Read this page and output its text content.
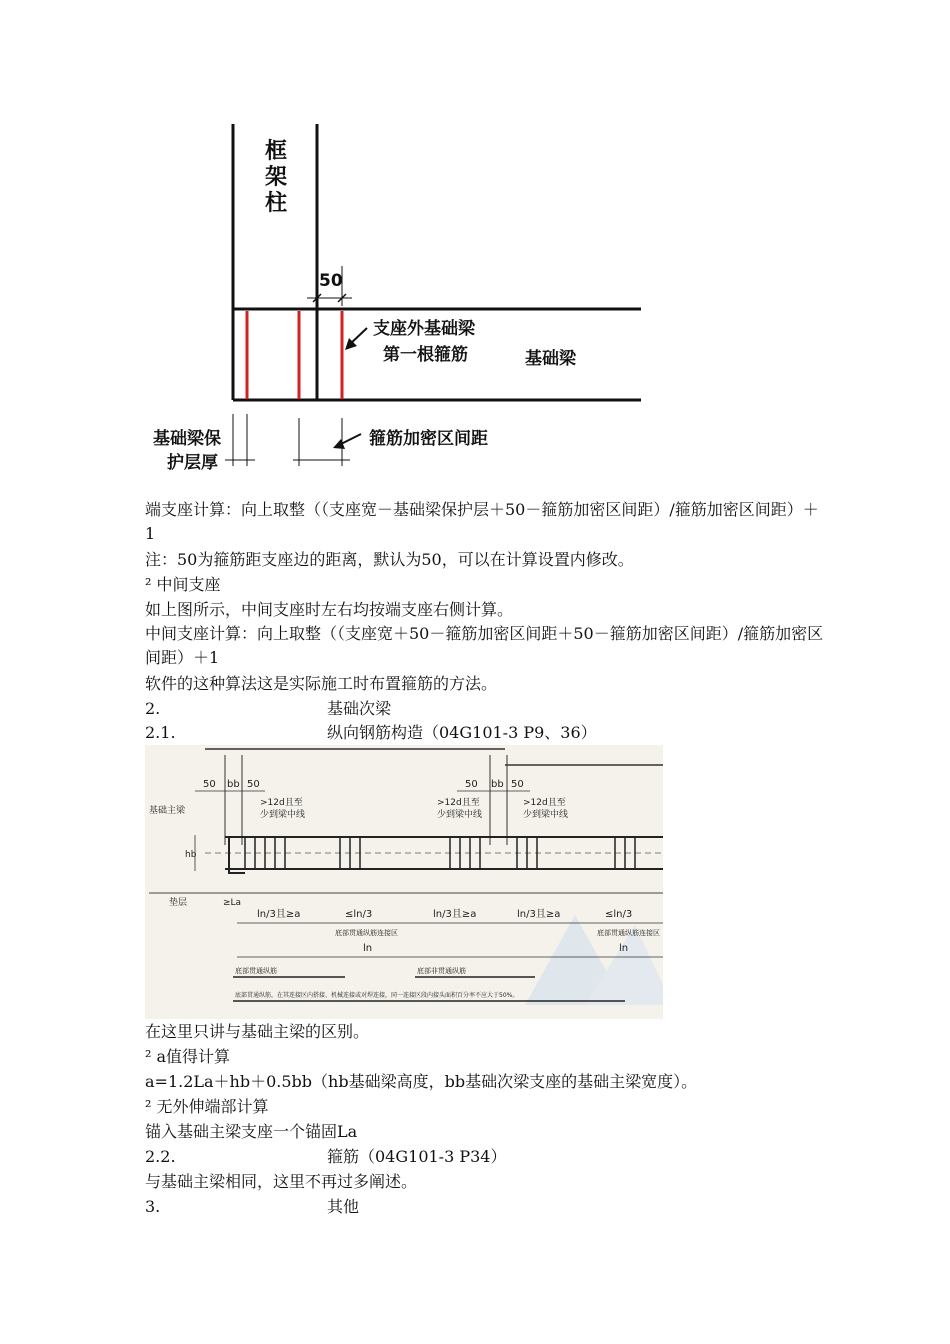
框
架
柱
50
支座外基础梁
第一根箍筋	基础梁
基础梁保
护层厚
箍筋加密区间距
端支座计算：向上取整（（支座宽－基础梁保护层＋50－箍筋加密区间距）/箍筋加密区间距）＋1
注：50为箍筋距支座边的距离，默认为50，可以在计算设置内修改。
² 中间支座
如上图所示，中间支座时左右均按端支座右侧计算。
中间支座计算：向上取整（（支座宽＋50－箍筋加密区间距＋50－箍筋加密区间距）/箍筋加密区间距）＋1
软件的这种算法这是实际施工时布置箍筋的方法。
2.	基础次梁
2.1.	纵向钢筋构造（04G101-3 P9、36）
50 bb 50	50 bb 50
基础主梁
>12d且至
少到梁中线
>12d且至
少到梁中线
>12d且至
少到梁中线
hb
垫层	≥La
ln/3且≥a	≤ln/3	ln/3且≥a	ln/3且≥a	≤ln/3
底部贯通纵筋连接区	底部贯通纵筋连接区
ln	ln
底部贯通纵筋	底部非贯通纵筋
底部贯通纵筋，在其连接区内搭接、机械连接或对焊连接，同一连接区段内接头面积百分率不应大于50%。
在这里只讲与基础主梁的区别。
² a值得计算
a=1.2La＋hb＋0.5bb（hb基础梁高度，bb基础次梁支座的基础主梁宽度）。
² 无外伸端部计算
锚入基础主梁支座一个锚固La
2.2.	箍筋（04G101-3 P34）
与基础主梁相同，这里不再过多阐述。
3.	其他
